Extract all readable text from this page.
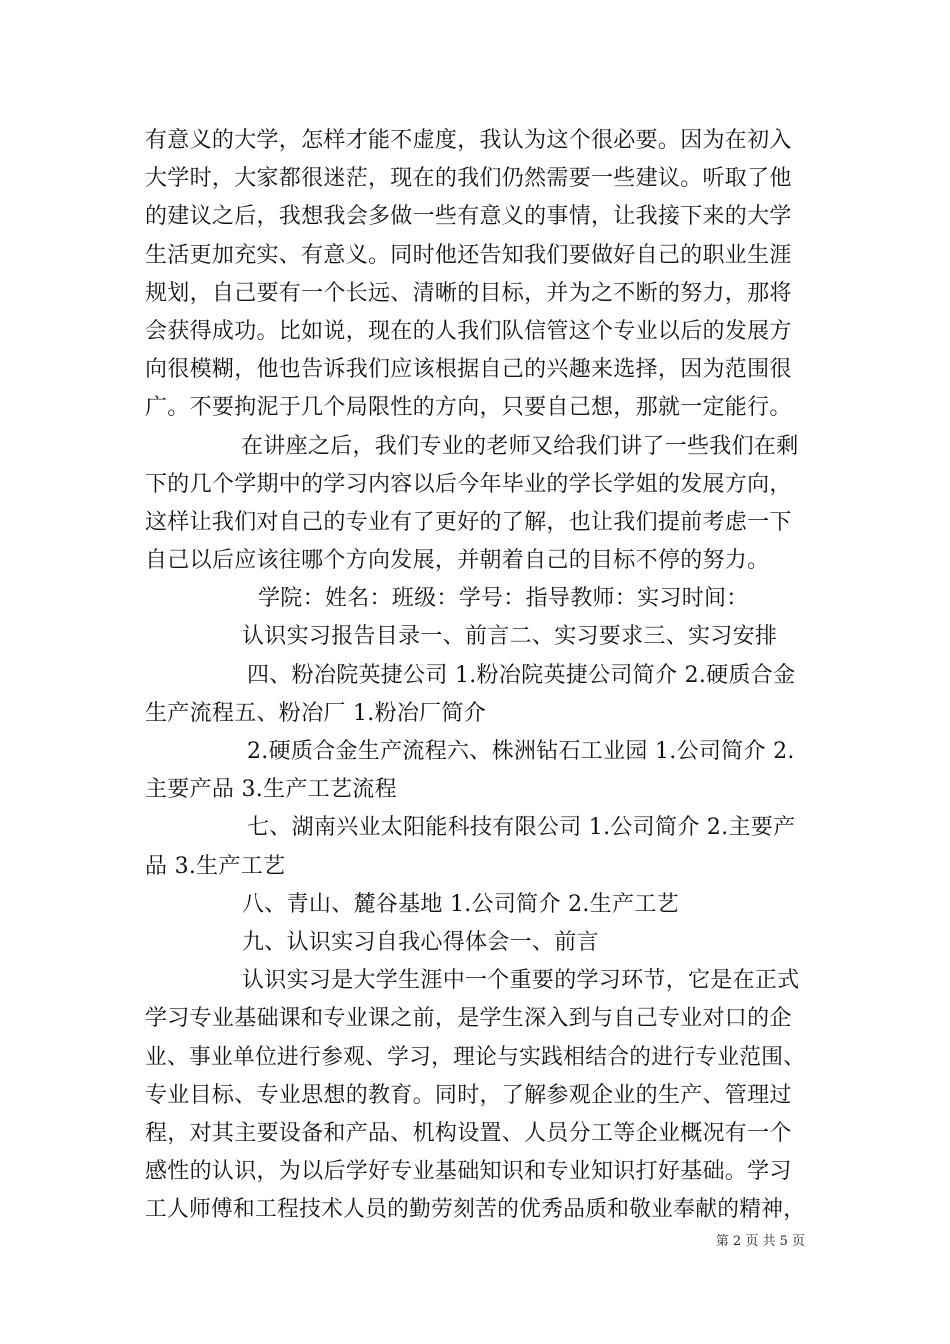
有意义的大学，怎样才能不虚度，我认为这个很必要。因为在初入
大学时，大家都很迷茫，现在的我们仍然需要一些建议。听取了他
的建议之后，我想我会多做一些有意义的事情，让我接下来的大学
生活更加充实、有意义。同时他还告知我们要做好自己的职业生涯
规划，自己要有一个长远、清晰的目标，并为之不断的努力，那将
会获得成功。比如说，现在的人我们队信管这个专业以后的发展方
向很模糊，他也告诉我们应该根据自己的兴趣来选择，因为范围很
广。不要拘泥于几个局限性的方向，只要自己想，那就一定能行。
在讲座之后，我们专业的老师又给我们讲了一些我们在剩
下的几个学期中的学习内容以后今年毕业的学长学姐的发展方向，
这样让我们对自己的专业有了更好的了解，也让我们提前考虑一下
自己以后应该往哪个方向发展，并朝着自己的目标不停的努力。
学院：姓名：班级：学号：指导教师：实习时间：
认识实习报告目录一、前言二、实习要求三、实习安排
四、粉冶院英捷公司 1.粉冶院英捷公司简介 2.硬质合金
生产流程五、粉冶厂 1.粉冶厂简介
2.硬质合金生产流程六、株洲钻石工业园 1.公司简介 2.
主要产品 3.生产工艺流程
七、湖南兴业太阳能科技有限公司 1.公司简介 2.主要产
品 3.生产工艺
八、青山、麓谷基地 1.公司简介 2.生产工艺
九、认识实习自我心得体会一、前言
认识实习是大学生涯中一个重要的学习环节，它是在正式
学习专业基础课和专业课之前，是学生深入到与自己专业对口的企
业、事业单位进行参观、学习，理论与实践相结合的进行专业范围、
专业目标、专业思想的教育。同时，了解参观企业的生产、管理过
程，对其主要设备和产品、机构设置、人员分工等企业概况有一个
感性的认识，为以后学好专业基础知识和专业知识打好基础。学习
工人师傅和工程技术人员的勤劳刻苦的优秀品质和敬业奉献的精神，
第 2 页 共 5 页
